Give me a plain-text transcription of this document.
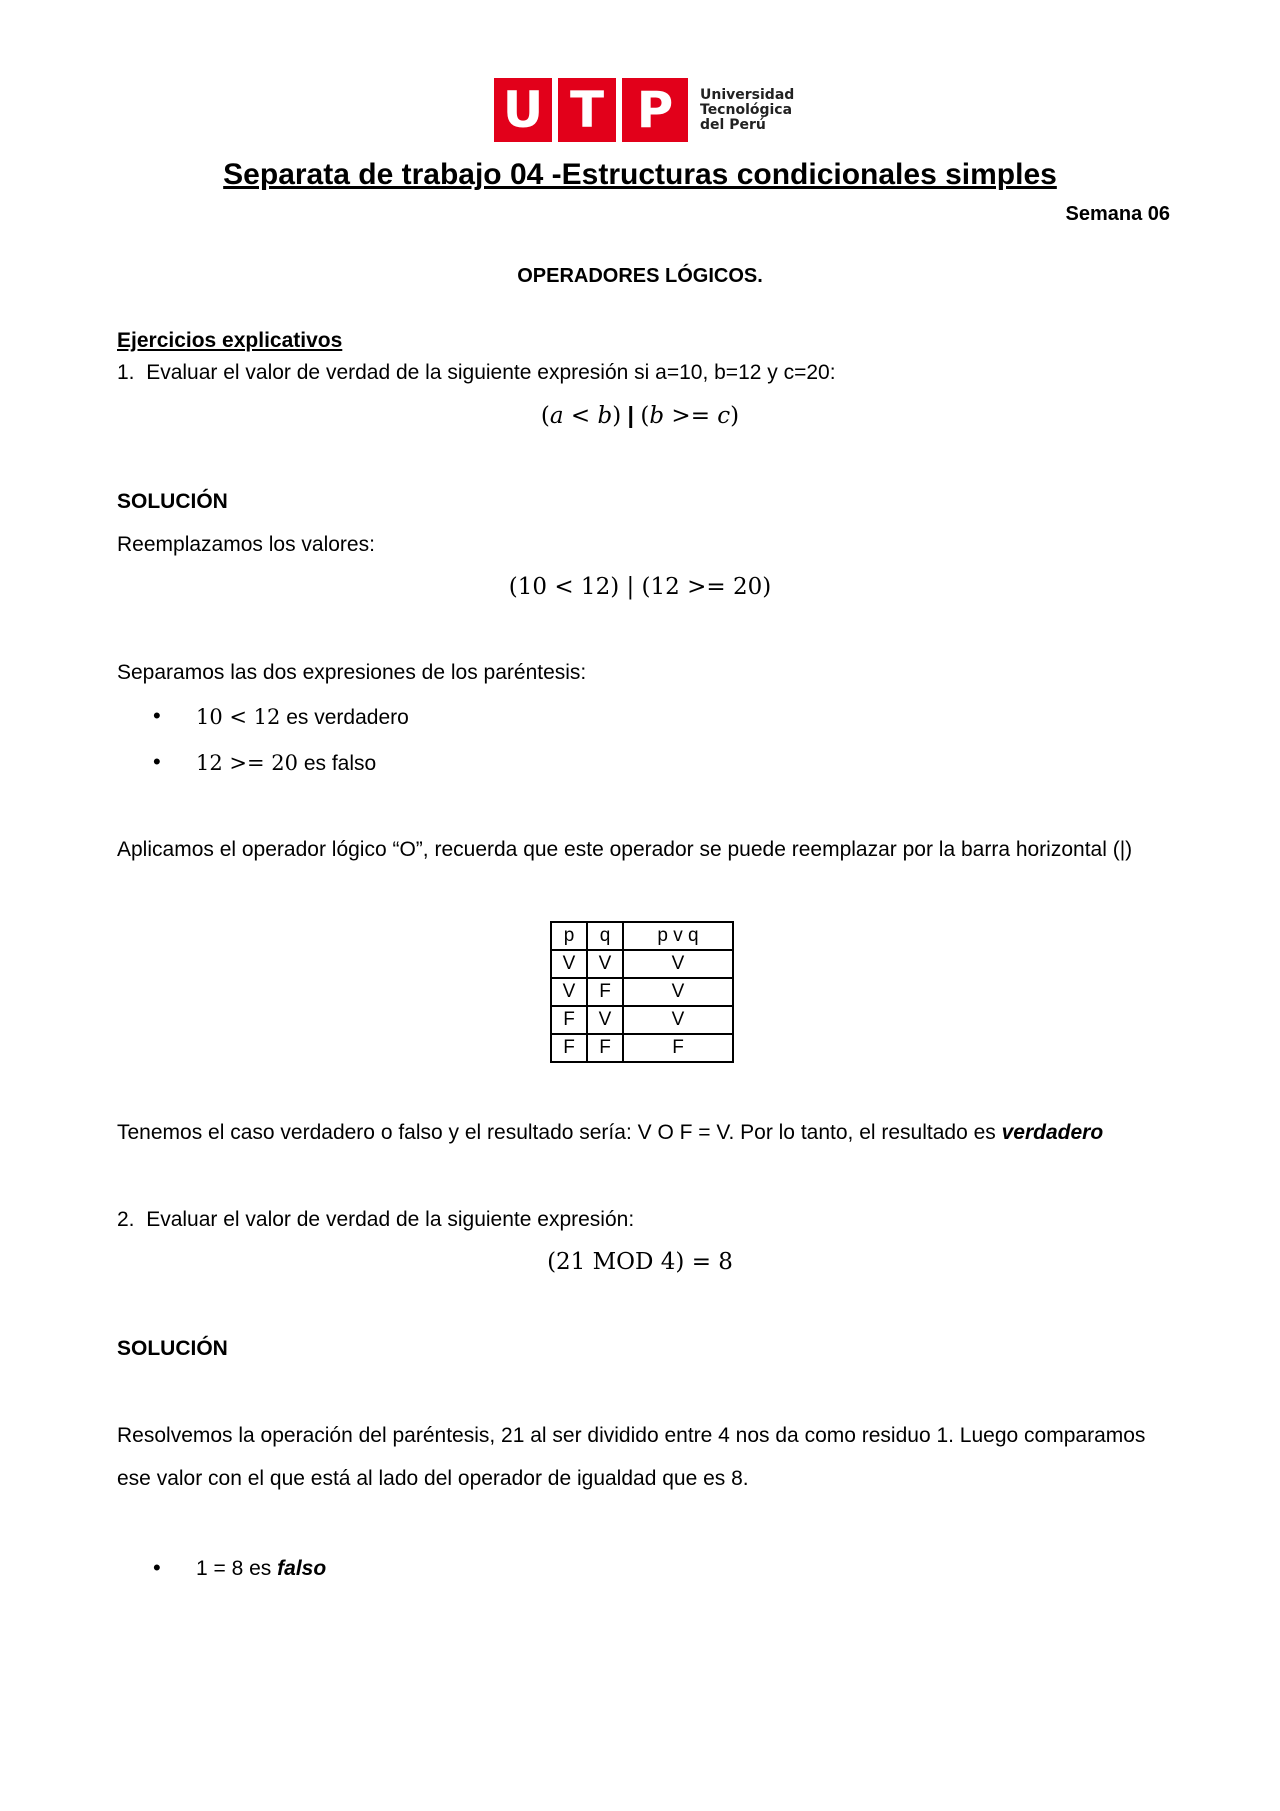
U T P	Universidad
Tecnológica
del Perú
Separata de trabajo 04 -Estructuras condicionales simples
Semana 06
OPERADORES LÓGICOS.
Ejercicios explicativos
1. Evaluar el valor de verdad de la siguiente expresión si a=10, b=12 y c=20:
(a < b) | (b >= c)
SOLUCIÓN
Reemplazamos los valores:
(10 < 12) | (12 >= 20)
Separamos las dos expresiones de los paréntesis:
• 10 < 12 es verdadero
• 12 >= 20 es falso
Aplicamos el operador lógico “O”, recuerda que este operador se puede reemplazar por la barra horizontal (|)
p	q	p v q
V	V	V
V	F	V
F	V	V
F	F	F
Tenemos el caso verdadero o falso y el resultado sería: V O F = V. Por lo tanto, el resultado es verdadero
2. Evaluar el valor de verdad de la siguiente expresión:
(21 MOD 4) = 8
SOLUCIÓN
Resolvemos la operación del paréntesis, 21 al ser dividido entre 4 nos da como residuo 1. Luego comparamos
ese valor con el que está al lado del operador de igualdad que es 8.
• 1 = 8 es falso
